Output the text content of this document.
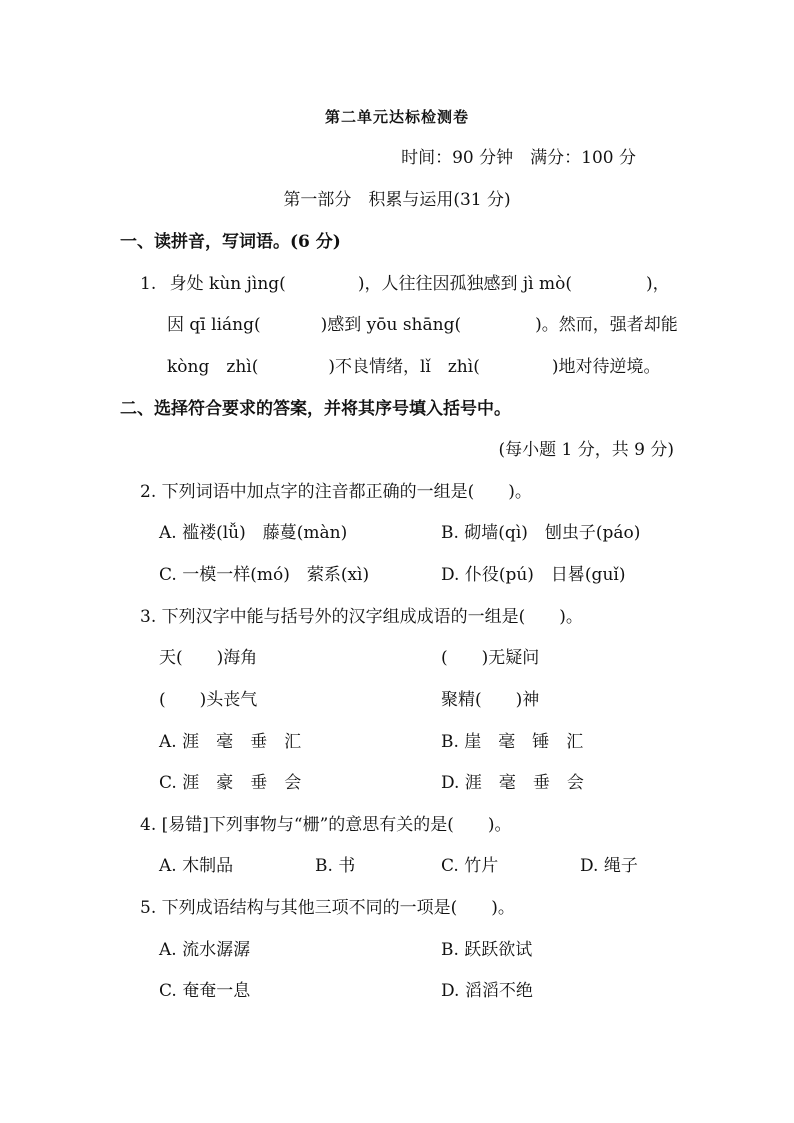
第二单元达标检测卷
时间：90 分钟　满分：100 分
第一部分　积累与运用(31 分)
一、读拼音，写词语。(6 分)
1. 身处 kùn jìng(	)，人往往因孤独感到 jì mò(	)，
因 qī liáng(	)感到 yōu shāng(	)。然而，强者却能
kòng　zhì(	)不良情绪，lǐ　zhì(	)地对待逆境。
二、选择符合要求的答案，并将其序号填入括号中。
(每小题 1 分，共 9 分)
2. 下列词语中加点字的注音都正确的一组是(　　)。
A. 褴褛(lǚ)　藤蔓(màn)	B. 砌墙(qì)　刨虫子(páo)
C. 一模一样(mó)　萦系(xì)	D. 仆役(pú)　日晷(guǐ)
3. 下列汉字中能与括号外的汉字组成成语的一组是(　　)。
天(　　)海角	(　　)无疑问
(　　)头丧气	聚精(　　)神
A. 涯　毫　垂　汇	B. 崖　毫　锤　汇
C. 涯　豪　垂　会	D. 涯　毫　垂　会
4. [易错]下列事物与“栅”的意思有关的是(　　)。
A. 木制品	B. 书	C. 竹片	D. 绳子
5. 下列成语结构与其他三项不同的一项是(　　)。
A. 流水潺潺	B. 跃跃欲试
C. 奄奄一息	D. 滔滔不绝
